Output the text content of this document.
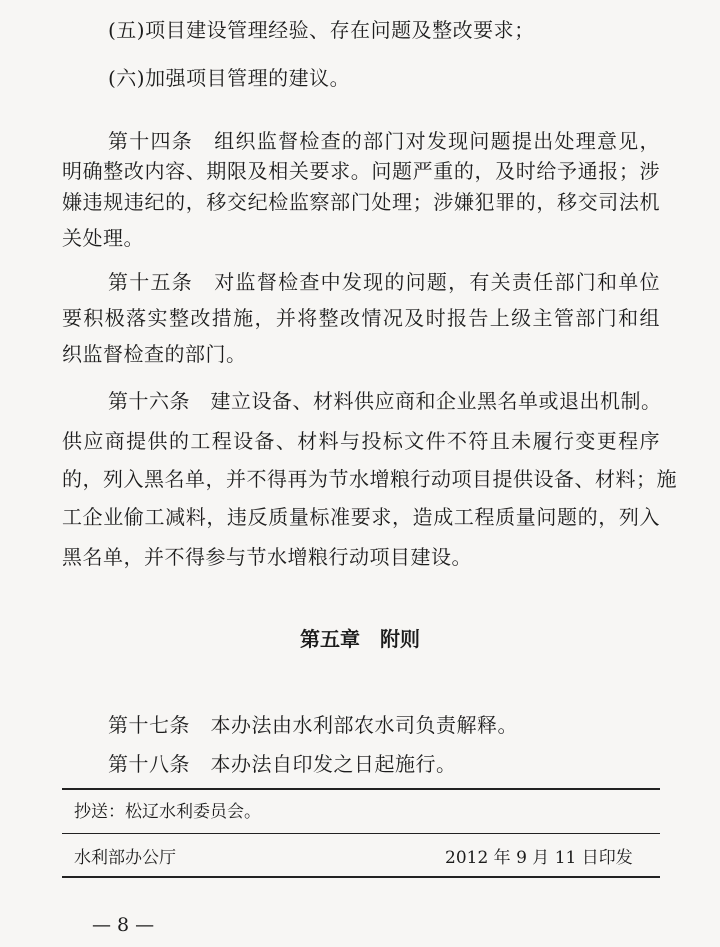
(五)项目建设管理经验、存在问题及整改要求；
(六)加强项目管理的建议。
第十四条　组织监督检查的部门对发现问题提出处理意见，
明确整改内容、期限及相关要求。问题严重的，及时给予通报；涉
嫌违规违纪的，移交纪检监察部门处理；涉嫌犯罪的，移交司法机
关处理。
第十五条　对监督检查中发现的问题，有关责任部门和单位
要积极落实整改措施，并将整改情况及时报告上级主管部门和组
织监督检查的部门。
第十六条　建立设备、材料供应商和企业黑名单或退出机制。
供应商提供的工程设备、材料与投标文件不符且未履行变更程序
的，列入黑名单，并不得再为节水增粮行动项目提供设备、材料；施
工企业偷工减料，违反质量标准要求，造成工程质量问题的，列入
黑名单，并不得参与节水增粮行动项目建设。
第五章　附则
第十七条　本办法由水利部农水司负责解释。
第十八条　本办法自印发之日起施行。
抄送：松辽水利委员会。
水利部办公厅	2012 年 9 月 11 日印发
— 8 —
